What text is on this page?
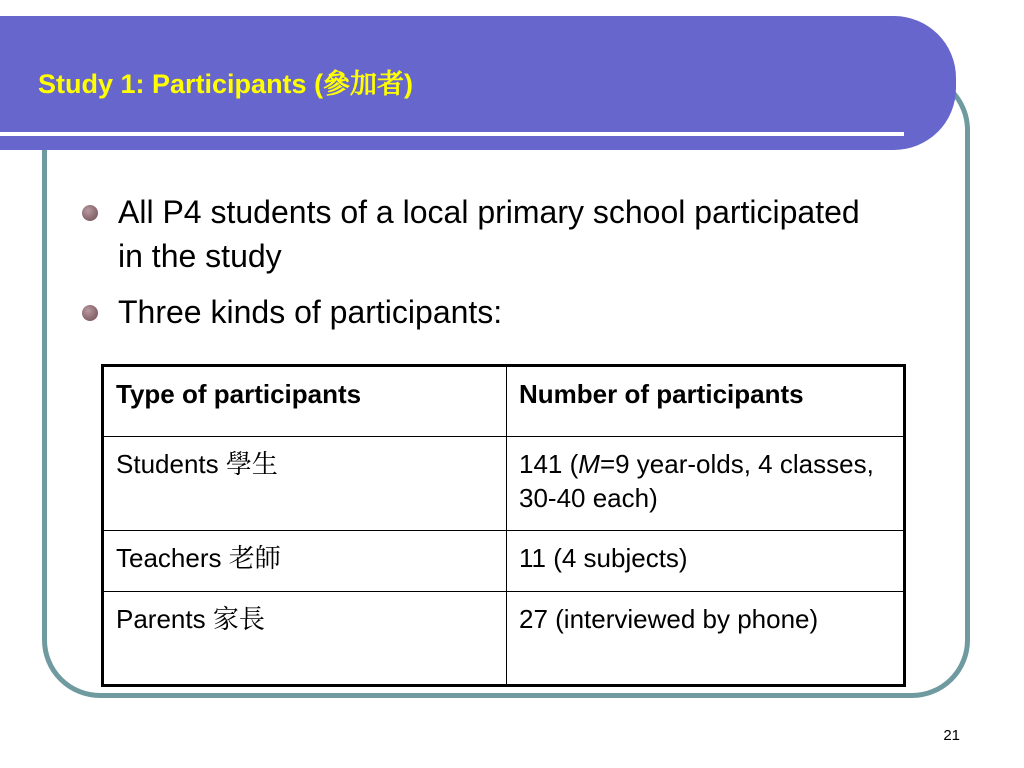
Study 1: Participants (參加者)
All P4 students of a local primary school participated in the study
Three kinds of participants:
Type of participants	Number of participants
Students 學生	141 (M=9 year-olds, 4 classes, 30-40 each)
Teachers 老師	11 (4 subjects)
Parents 家長	27 (interviewed by phone)
21
